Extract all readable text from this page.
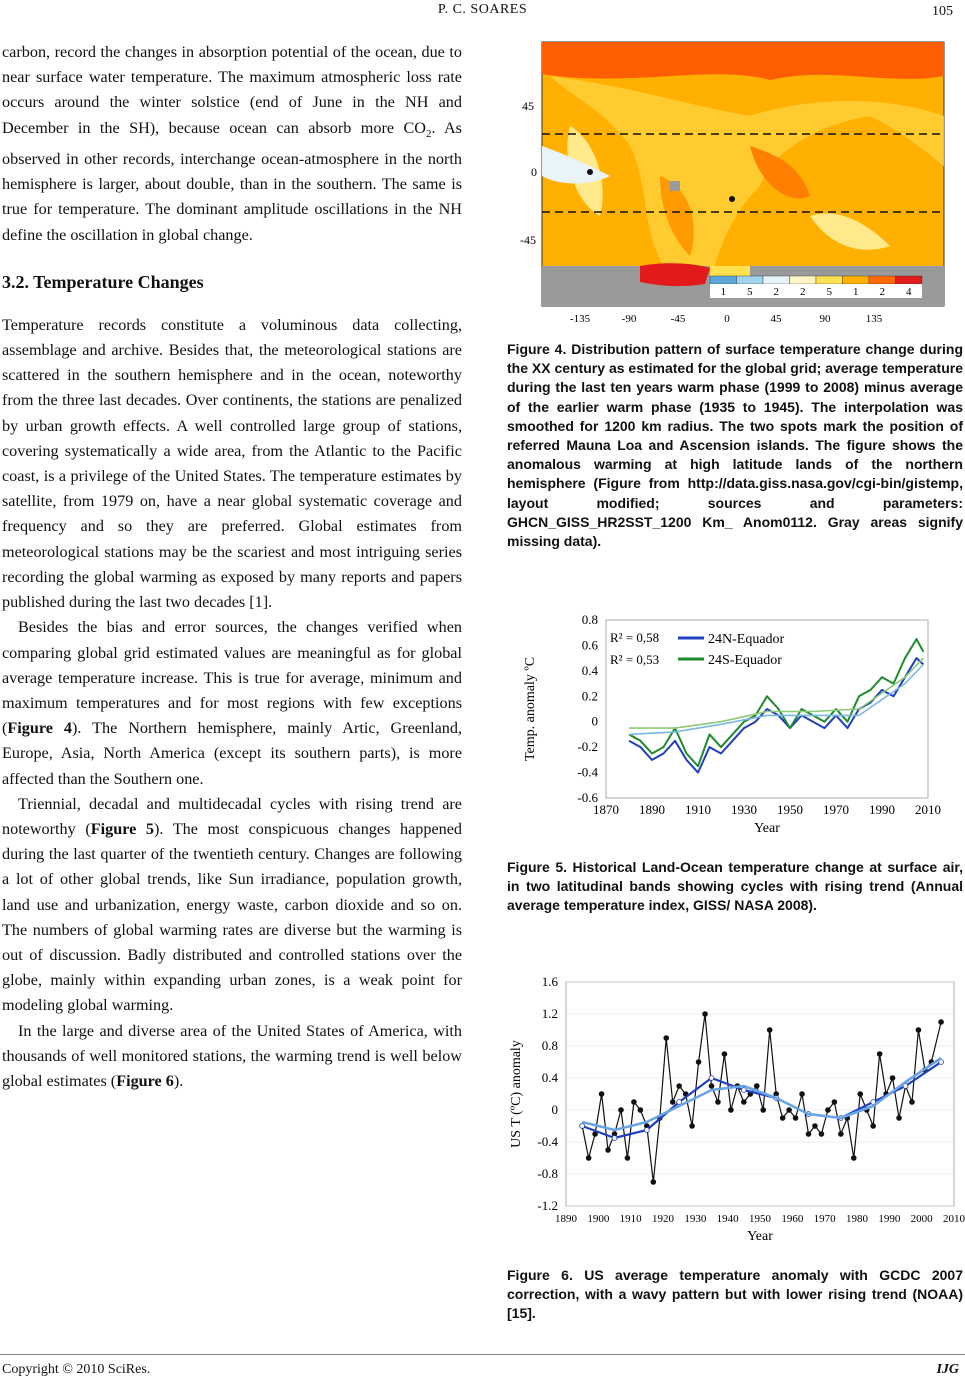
P. C. SOARES	105

carbon, record the changes in absorption potential of the ocean, due to near surface water temperature. The maximum atmospheric loss rate occurs around the winter solstice (end of June in the NH and December in the SH), because ocean can absorb more $CO_2$. As observed in other records, interchange ocean-atmosphere in the north hemisphere is larger, about double, than in the southern. The same is true for temperature. The dominant amplitude oscillations in the NH define the oscillation in global change.

3.2. Temperature Changes

Temperature records constitute a voluminous data collecting, assemblage and archive. Besides that, the meteorological stations are scattered in the southern hemisphere and in the ocean, noteworthy from the three last decades. Over continents, the stations are penalized by urban growth effects. A well controlled large group of stations, covering systematically a wide area, from the Atlantic to the Pacific coast, is a privilege of the United States. The temperature estimates by satellite, from 1979 on, have a near global systematic coverage and frequency and so they are preferred. Global estimates from meteorological stations may be the scariest and most intriguing series recording the global warming as exposed by many reports and papers published during the last two decades [1].

Besides the bias and error sources, the changes verified when comparing global grid estimated values are meaningful as for global average temperature increase. This is true for average, minimum and maximum temperatures and for most regions with few exceptions (Figure 4). The Northern hemisphere, mainly Artic, Greenland, Europe, Asia, North America (except its southern parts), is more affected than the Southern one.

Triennial, decadal and multidecadal cycles with rising trend are noteworthy (Figure 5). The most conspicuous changes happened during the last quarter of the twentieth century. Changes are following a lot of other global trends, like Sun irradiance, population growth, land use and urbanization, energy waste, carbon dioxide and so on. The numbers of global warming rates are diverse but the warming is out of discussion. Badly distributed and controlled stations over the globe, mainly within expanding urban zones, is a weak point for modeling global warming.

In the large and diverse area of the United States of America, with thousands of well monitored stations, the warming trend is well below global estimates (Figure 6).

45
0
-45
1 5 2 2 5 1 2 4
-135	-90	-45	0	45	90	135
Figure 4. Distribution pattern of surface temperature change during the XX century as estimated for the global grid; average temperature during the last ten years warm phase (1999 to 2008) minus average of the earlier warm phase (1935 to 1945). The interpolation was smoothed for 1200 km radius. The two spots mark the position of referred Mauna Loa and Ascension islands. The figure shows the anomalous warming at high latitude lands of the northern hemisphere (Figure from http://data.giss.nasa.gov/cgi-bin/gistemp, layout modified; sources and parameters: GHCN_GISS_HR2SST_1200 Km_ Anom0112. Gray areas signify missing data).
0.8
0.6
0.4
0.2
0
-0.2
-0.4
-0.6
1870 1890 1910 1930 1950 1970 1990 2010
Year
Temp. anomaly ºC
R² = 0,58
R² = 0,53
24N-Equador
24S-Equador
Figure 5. Historical Land-Ocean temperature change at surface air, in two latitudinal bands showing cycles with rising trend (Annual average temperature index, GISS/ NASA 2008).
1.6
1.2
0.8
0.4
0
-0.4
-0.8
-1.2
1890 1900 1910 1920 1930 1940 1950 1960 1970 1980 1990 2000 2010
Year
US T (ºC) anomaly
Figure 6. US average temperature anomaly with GCDC 2007 correction, with a wavy pattern but with lower rising trend (NOAA) [15].
Copyright © 2010 SciRes.	IJG
